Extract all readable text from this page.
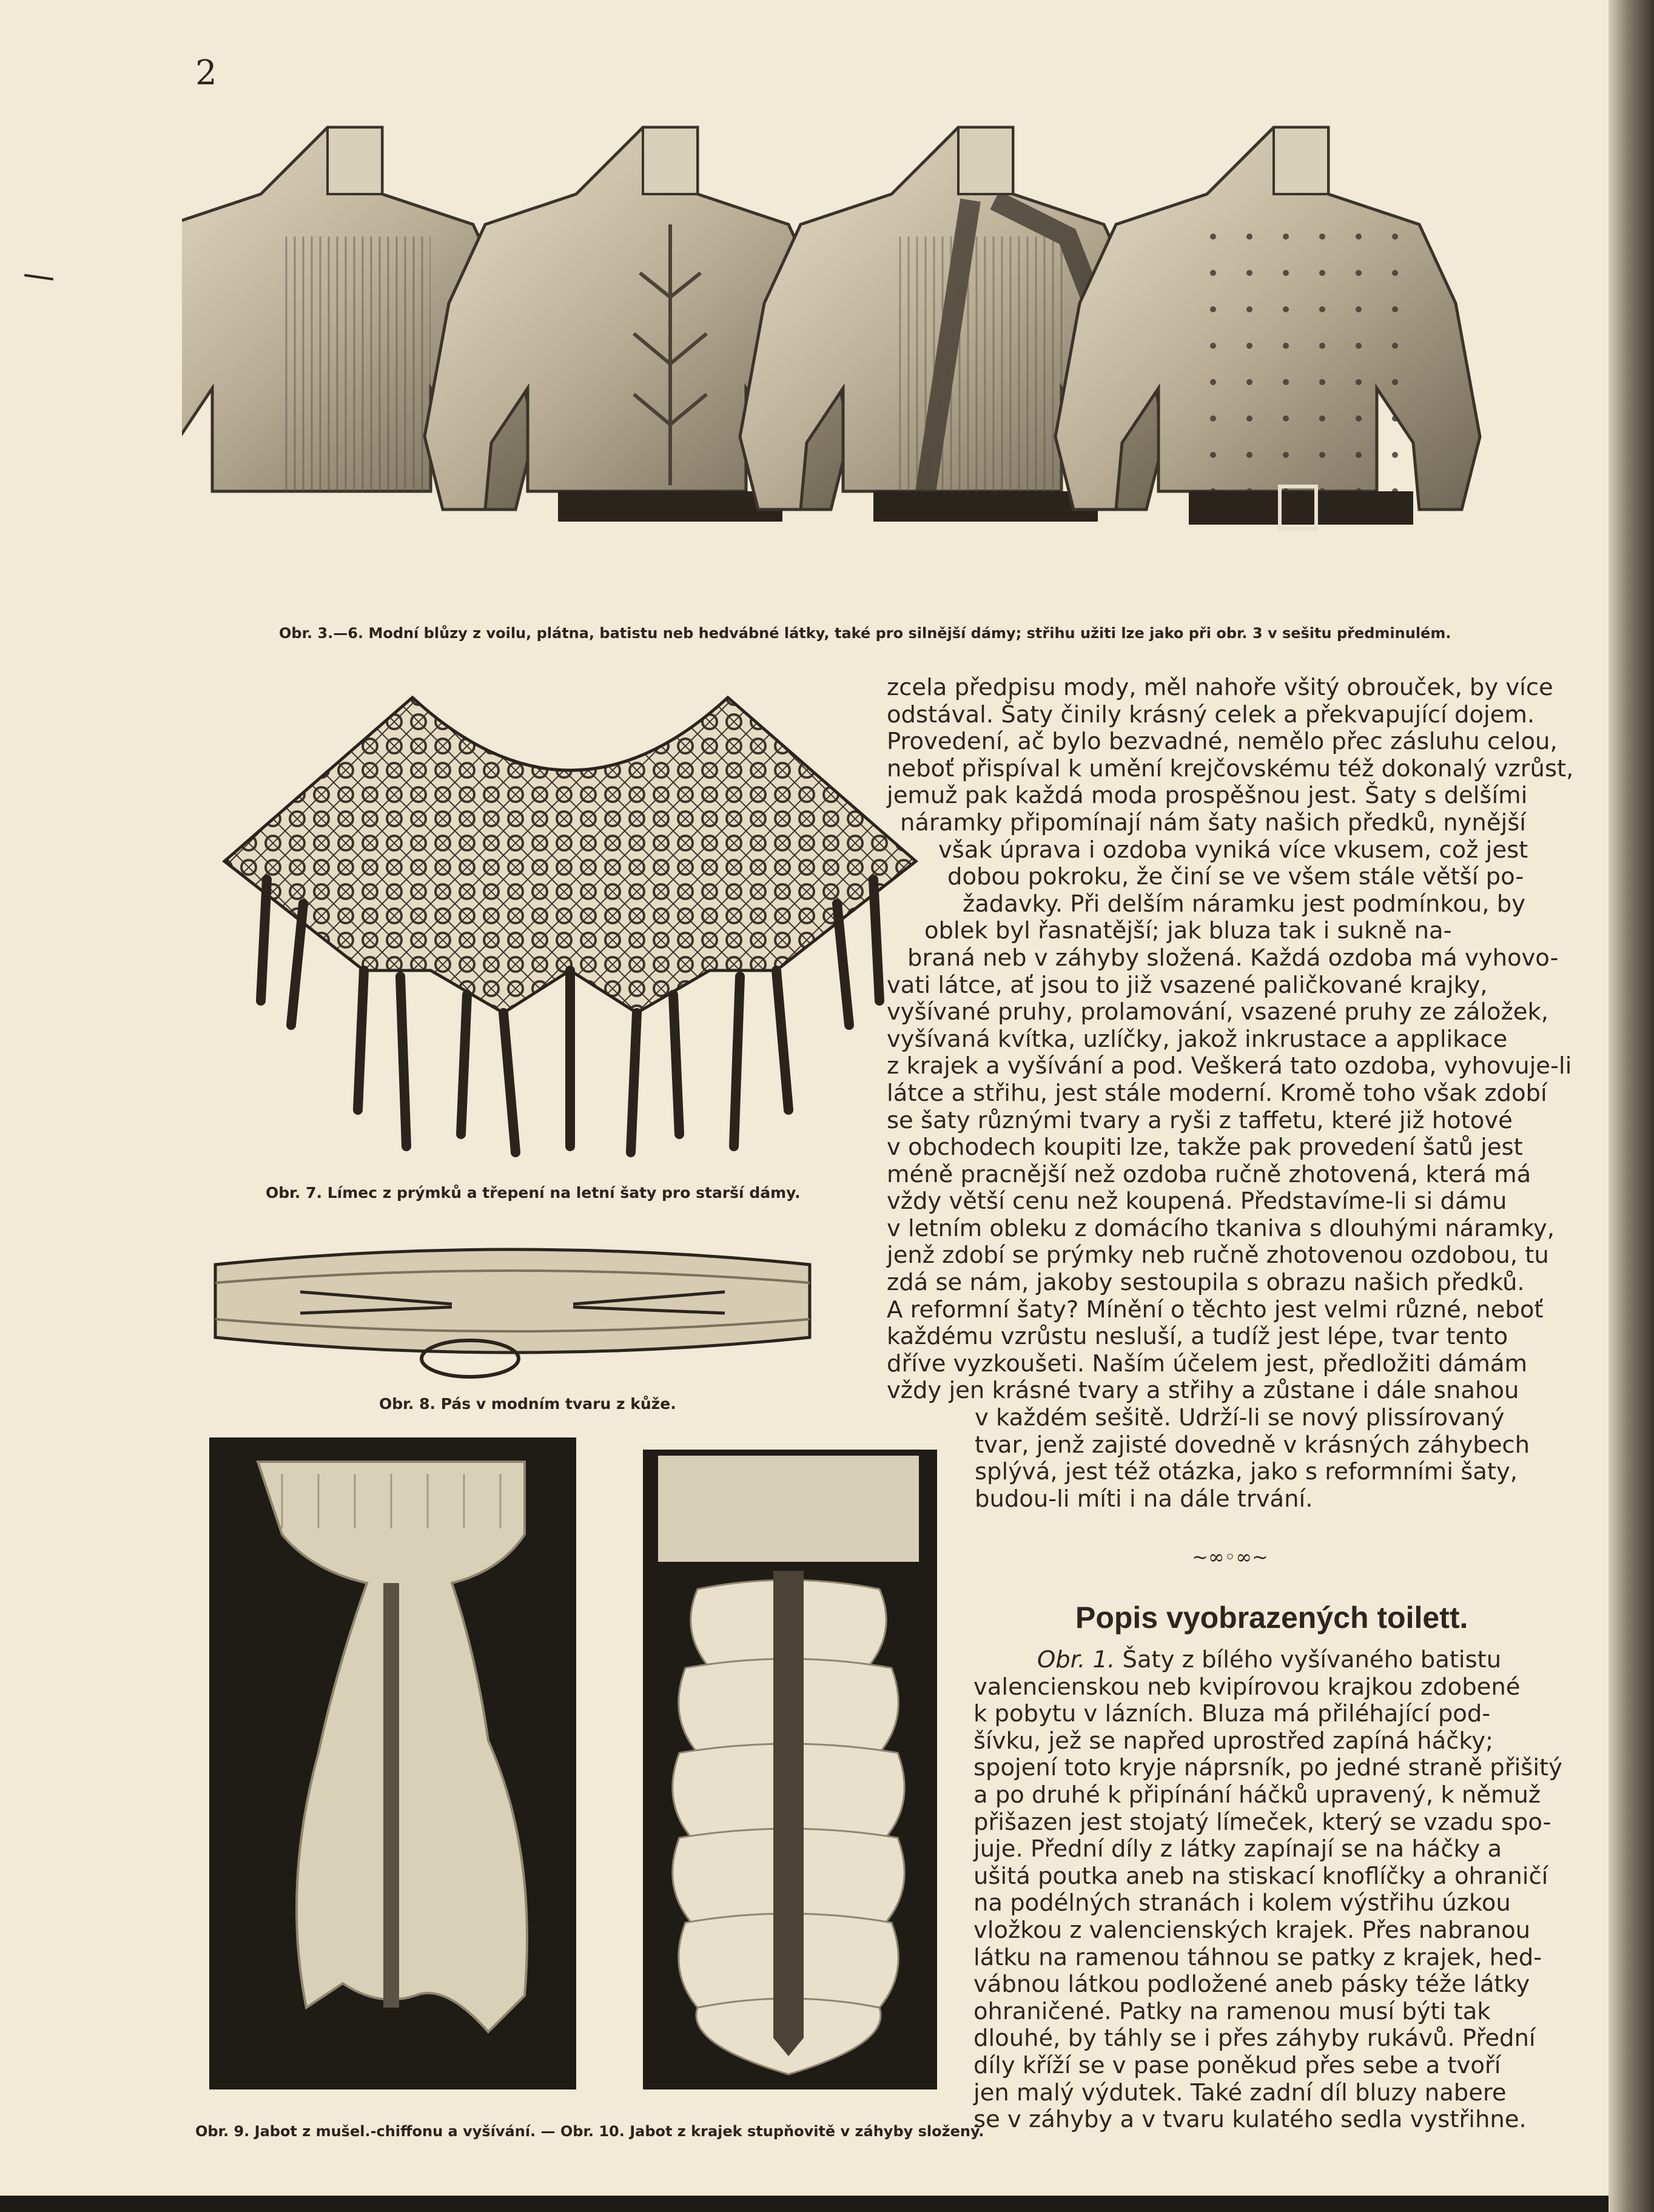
2
Obr. 3.—6. Modní blůzy z voilu, plátna, batistu neb hedvábné látky, také pro silnější dámy; střihu užiti lze jako při obr. 3 v sešitu předminulém.
Obr. 7. Límec z prýmků a třepení na letní šaty pro starší dámy.
Obr. 8. Pás v modním tvaru z kůže.
Obr. 9. Jabot z mušel.-chiffonu a vyšívání. — Obr. 10. Jabot z krajek stupňovitě v záhyby složený.
zcela předpisu mody, měl nahoře všitý obrouček, by více
odstával. Šaty činily krásný celek a překvapující dojem.
Provedení, ač bylo bezvadné, nemělo přec zásluhu celou,
neboť přispíval k umění krejčovskému též dokonalý vzrůst,
jemuž pak každá moda prospěšnou jest. Šaty s delšími
náramky připomínají nám šaty našich předků, nynější
však úprava i ozdoba vyniká více vkusem, což jest
dobou pokroku, že činí se ve všem stále větší po-
žadavky. Při delším náramku jest podmínkou, by
oblek byl řasnatější; jak bluza tak i sukně na-
braná neb v záhyby složená. Každá ozdoba má vyhovo-
vati látce, ať jsou to již vsazené paličkované krajky,
vyšívané pruhy, prolamování, vsazené pruhy ze záložek,
vyšívaná kvítka, uzlíčky, jakož inkrustace a applikace
z krajek a vyšívání a pod. Veškerá tato ozdoba, vyhovuje-li
látce a střihu, jest stále moderní. Kromě toho však zdobí
se šaty různými tvary a ryši z taffetu, které již hotové
v obchodech koupiti lze, takže pak provedení šatů jest
méně pracnější než ozdoba ručně zhotovená, která má
vždy větší cenu než koupená. Představíme-li si dámu
v letním obleku z domácího tkaniva s dlouhými náramky,
jenž zdobí se prýmky neb ručně zhotovenou ozdobou, tu
zdá se nám, jakoby sestoupila s obrazu našich předků.
A reformní šaty? Mínění o těchto jest velmi různé, neboť
každému vzrůstu nesluší, a tudíž jest lépe, tvar tento
dříve vyzkoušeti. Naším účelem jest, předložiti dámám
vždy jen krásné tvary a střihy a zůstane i dále snahou
v každém sešitě. Udrží-li se nový plissírovaný
tvar, jenž zajisté dovedně v krásných záhybech
splývá, jest též otázka, jako s reformními šaty,
budou-li míti i na dále trvání.
~∞◦∞~
Popis vyobrazených toilett.
Obr. 1. Šaty z bílého vyšívaného batistu
valencienskou neb kvipírovou krajkou zdobené
k pobytu v lázních. Bluza má přiléhající pod-
šívku, jež se napřed uprostřed zapíná háčky;
spojení toto kryje náprsník, po jedné straně přišitý
a po druhé k připínání háčků upravený, k němuž
přišazen jest stojatý límeček, který se vzadu spo-
juje. Přední díly z látky zapínají se na háčky a
ušitá poutka aneb na stiskací knoflíčky a ohraničí
na podélných stranách i kolem výstřihu úzkou
vložkou z valencienských krajek. Přes nabranou
látku na ramenou táhnou se patky z krajek, hed-
vábnou látkou podložené aneb pásky téže látky
ohraničené. Patky na ramenou musí býti tak
dlouhé, by táhly se i přes záhyby rukávů. Přední
díly kříží se v pase poněkud přes sebe a tvoří
jen malý výdutek. Také zadní díl bluzy nabere
se v záhyby a v tvaru kulatého sedla vystřihne.
